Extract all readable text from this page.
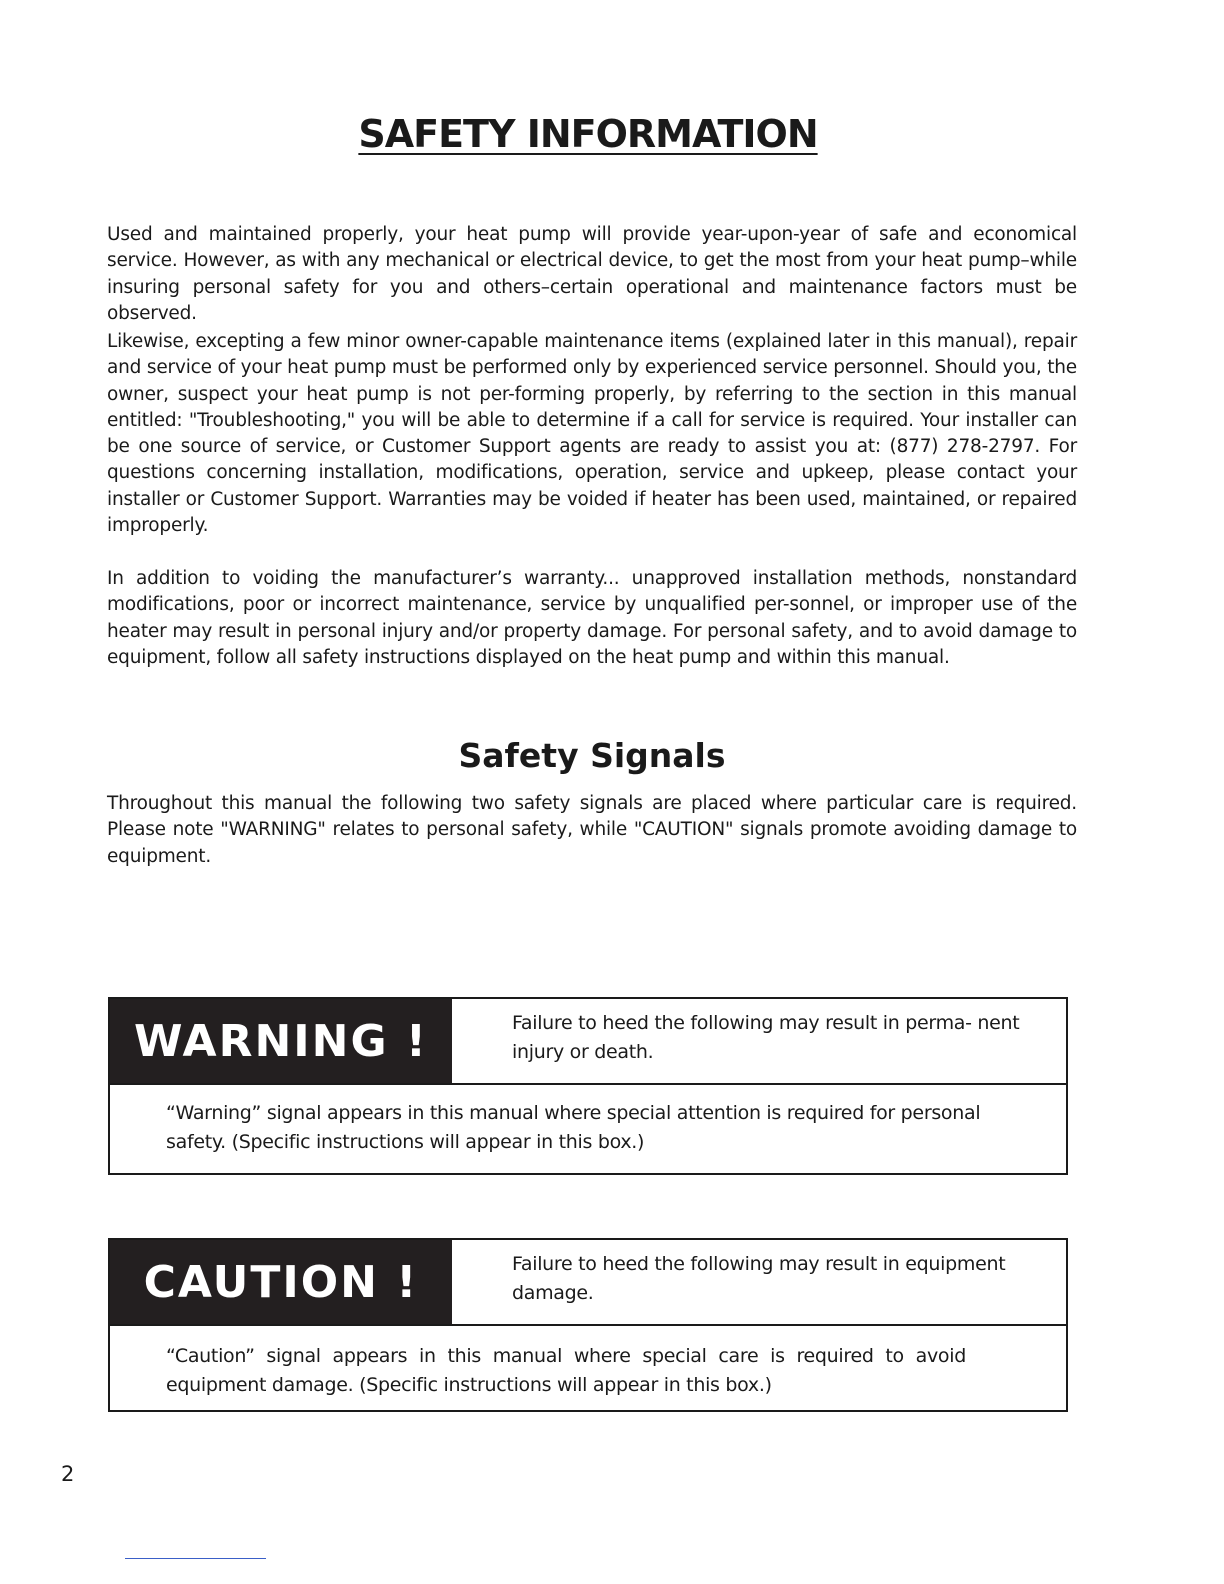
SAFETY INFORMATION

Used and maintained properly, your heat pump will provide year-upon-year of safe and economical service. However, as with any mechanical or electrical device, to get the most from your heat pump–while insuring personal safety for you and others–certain operational and maintenance factors must be observed.

Likewise, excepting a few minor owner-capable maintenance items (explained later in this manual), repair and service of your heat pump must be performed only by experienced service personnel. Should you, the owner, suspect your heat pump is not per-forming properly, by referring to the section in this manual entitled: "Troubleshooting," you will be able to determine if a call for service is required. Your installer can be one source of service, or Customer Support agents are ready to assist you at: (877) 278-2797. For questions concerning installation, modifications, operation, service and upkeep, please contact your installer or Customer Support. Warranties may be voided if heater has been used, maintained, or repaired improperly.

In addition to voiding the manufacturer’s warranty... unapproved installation methods, nonstandard modifications, poor or incorrect maintenance, service by unqualified per-sonnel, or improper use of the heater may result in personal injury and/or property damage. For personal safety, and to avoid damage to equipment, follow all safety instructions displayed on the heat pump and within this manual.

Safety Signals

Throughout this manual the following two safety signals are placed where particular care is required. Please note "WARNING" relates to personal safety, while "CAUTION" signals promote avoiding damage to equipment.

WARNING !	Failure to heed the following may result in perma- nent injury or death.
“Warning” signal appears in this manual where special attention is required for personal safety. (Specific instructions will appear in this box.)
CAUTION !	Failure to heed the following may result in equipment damage.
“Caution” signal appears in this manual where special care is required to avoid equipment damage. (Specific instructions will appear in this box.)
2
